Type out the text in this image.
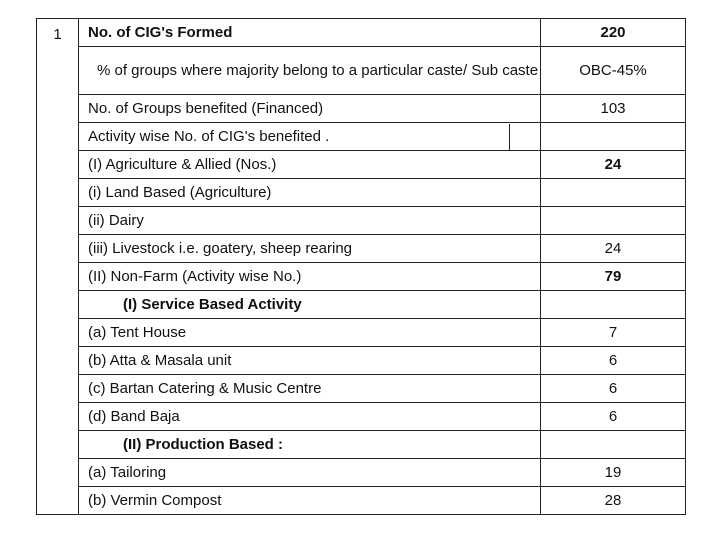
1	No. of CIG's Formed	220

	% of groups where majority belong to a particular caste/ Sub caste	OBC-45%
	No. of Groups benefited (Financed)	103

	Activity wise No. of CIG's benefited .	

	(I) Agriculture & Allied (Nos.)	24
	(i) Land Based (Agriculture)	
	(ii) Dairy	
	(iii) Livestock i.e. goatery, sheep rearing	24
	(II) Non-Farm (Activity wise No.)	79
	(I) Service Based Activity	
	(a) Tent House	7
	(b) Atta & Masala unit	6
	(c) Bartan Catering & Music Centre	6
	(d) Band Baja	6
	(II) Production Based :	
	(a) Tailoring	19
	(b) Vermin Compost	28
